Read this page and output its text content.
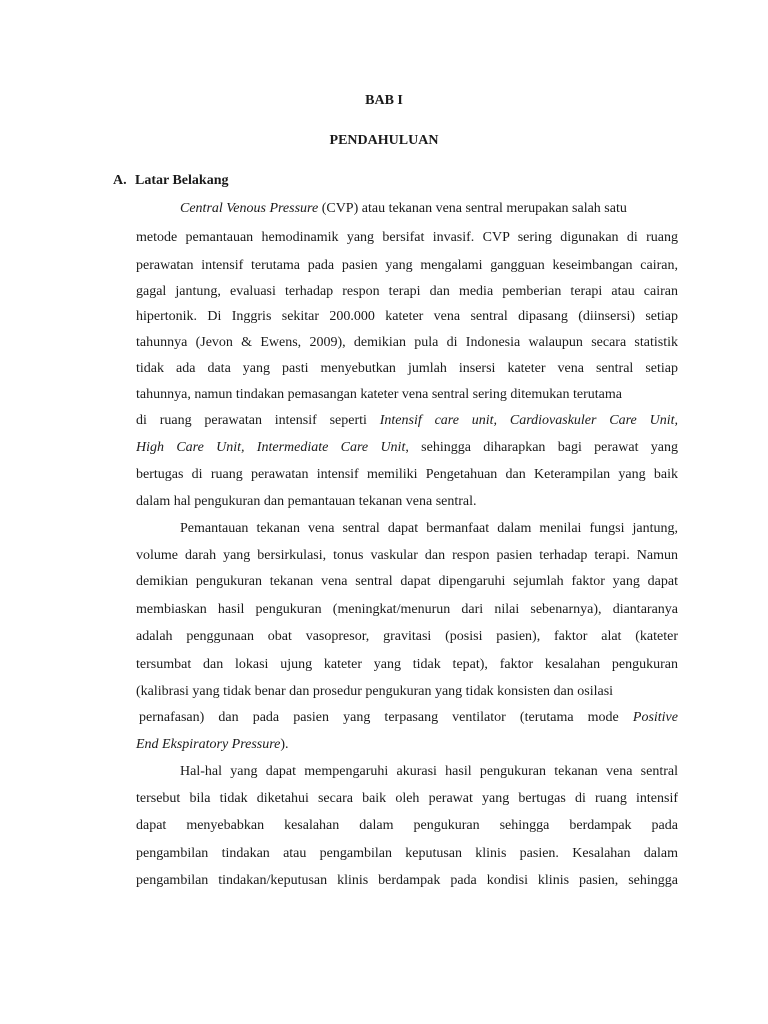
BAB I
PENDAHULUAN
A. Latar Belakang
Central Venous Pressure (CVP) atau tekanan vena sentral merupakan salah satu
metode pemantauan hemodinamik yang bersifat invasif. CVP sering digunakan di ruang
perawatan intensif terutama pada pasien yang mengalami gangguan keseimbangan cairan,
gagal jantung, evaluasi terhadap respon terapi dan media pemberian terapi atau cairan
hipertonik. Di Inggris sekitar 200.000 kateter vena sentral dipasang (diinsersi) setiap
tahunnya (Jevon & Ewens, 2009), demikian pula di Indonesia walaupun secara statistik
tidak ada data yang pasti menyebutkan jumlah insersi kateter vena sentral setiap
tahunnya, namun tindakan pemasangan kateter vena sentral sering ditemukan terutama
di ruang perawatan intensif seperti Intensif care unit, Cardiovaskuler Care Unit,
High Care Unit, Intermediate Care Unit, sehingga diharapkan bagi perawat yang
bertugas di ruang perawatan intensif memiliki Pengetahuan dan Keterampilan yang baik
dalam hal pengukuran dan pemantauan tekanan vena sentral.
Pemantauan tekanan vena sentral dapat bermanfaat dalam menilai fungsi jantung,
volume darah yang bersirkulasi, tonus vaskular dan respon pasien terhadap terapi. Namun
demikian pengukuran tekanan vena sentral dapat dipengaruhi sejumlah faktor yang dapat
membiaskan hasil pengukuran (meningkat/menurun dari nilai sebenarnya), diantaranya
adalah penggunaan obat vasopresor, gravitasi (posisi pasien), faktor alat (kateter
tersumbat dan lokasi ujung kateter yang tidak tepat), faktor kesalahan pengukuran
(kalibrasi yang tidak benar dan prosedur pengukuran yang tidak konsisten dan osilasi
pernafasan) dan pada pasien yang terpasang ventilator (terutama mode Positive
End Ekspiratory Pressure).
Hal-hal yang dapat mempengaruhi akurasi hasil pengukuran tekanan vena sentral
tersebut bila tidak diketahui secara baik oleh perawat yang bertugas di ruang intensif
dapat menyebabkan kesalahan dalam pengukuran sehingga berdampak pada
pengambilan tindakan atau pengambilan keputusan klinis pasien. Kesalahan dalam
pengambilan tindakan/keputusan klinis berdampak pada kondisi klinis pasien, sehingga
